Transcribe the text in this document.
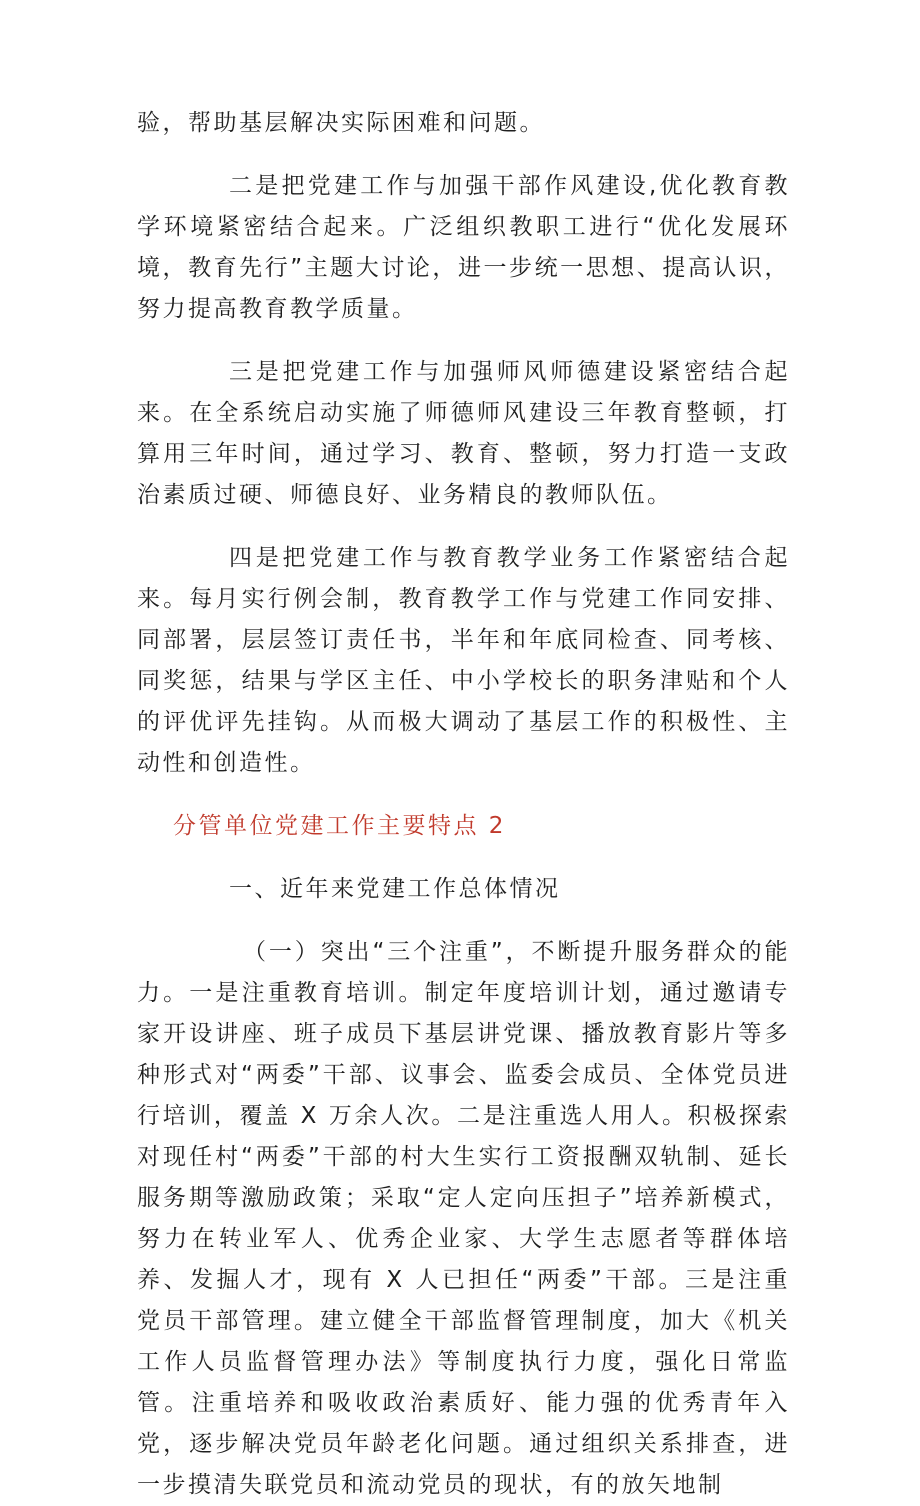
验，帮助基层解决实际困难和问题。

二是把党建工作与加强干部作风建设,优化教育教学环境紧密结合起来。广泛组织教职工进行“优化发展环境，教育先行”主题大讨论，进一步统一思想、提高认识，努力提高教育教学质量。

三是把党建工作与加强师风师德建设紧密结合起来。在全系统启动实施了师德师风建设三年教育整顿，打算用三年时间，通过学习、教育、整顿，努力打造一支政治素质过硬、师德良好、业务精良的教师队伍。

四是把党建工作与教育教学业务工作紧密结合起来。每月实行例会制，教育教学工作与党建工作同安排、同部署，层层签订责任书，半年和年底同检查、同考核、同奖惩，结果与学区主任、中小学校长的职务津贴和个人的评优评先挂钩。从而极大调动了基层工作的积极性、主动性和创造性。

分管单位党建工作主要特点 2

一、近年来党建工作总体情况

（一）突出“三个注重”，不断提升服务群众的能力。一是注重教育培训。制定年度培训计划，通过邀请专家开设讲座、班子成员下基层讲党课、播放教育影片等多种形式对“两委”干部、议事会、监委会成员、全体党员进行培训，覆盖 X 万余人次。二是注重选人用人。积极探索对现任村“两委”干部的村大生实行工资报酬双轨制、延长服务期等激励政策；采取“定人定向压担子”培养新模式，努力在转业军人、优秀企业家、大学生志愿者等群体培养、发掘人才，现有 X 人已担任“两委”干部。三是注重党员干部管理。建立健全干部监督管理制度，加大《机关工作人员监督管理办法》等制度执行力度，强化日常监管。注重培养和吸收政治素质好、能力强的优秀青年入党，逐步解决党员年龄老化问题。通过组织关系排查，进一步摸清失联党员和流动党员的现状，有的放矢地制
